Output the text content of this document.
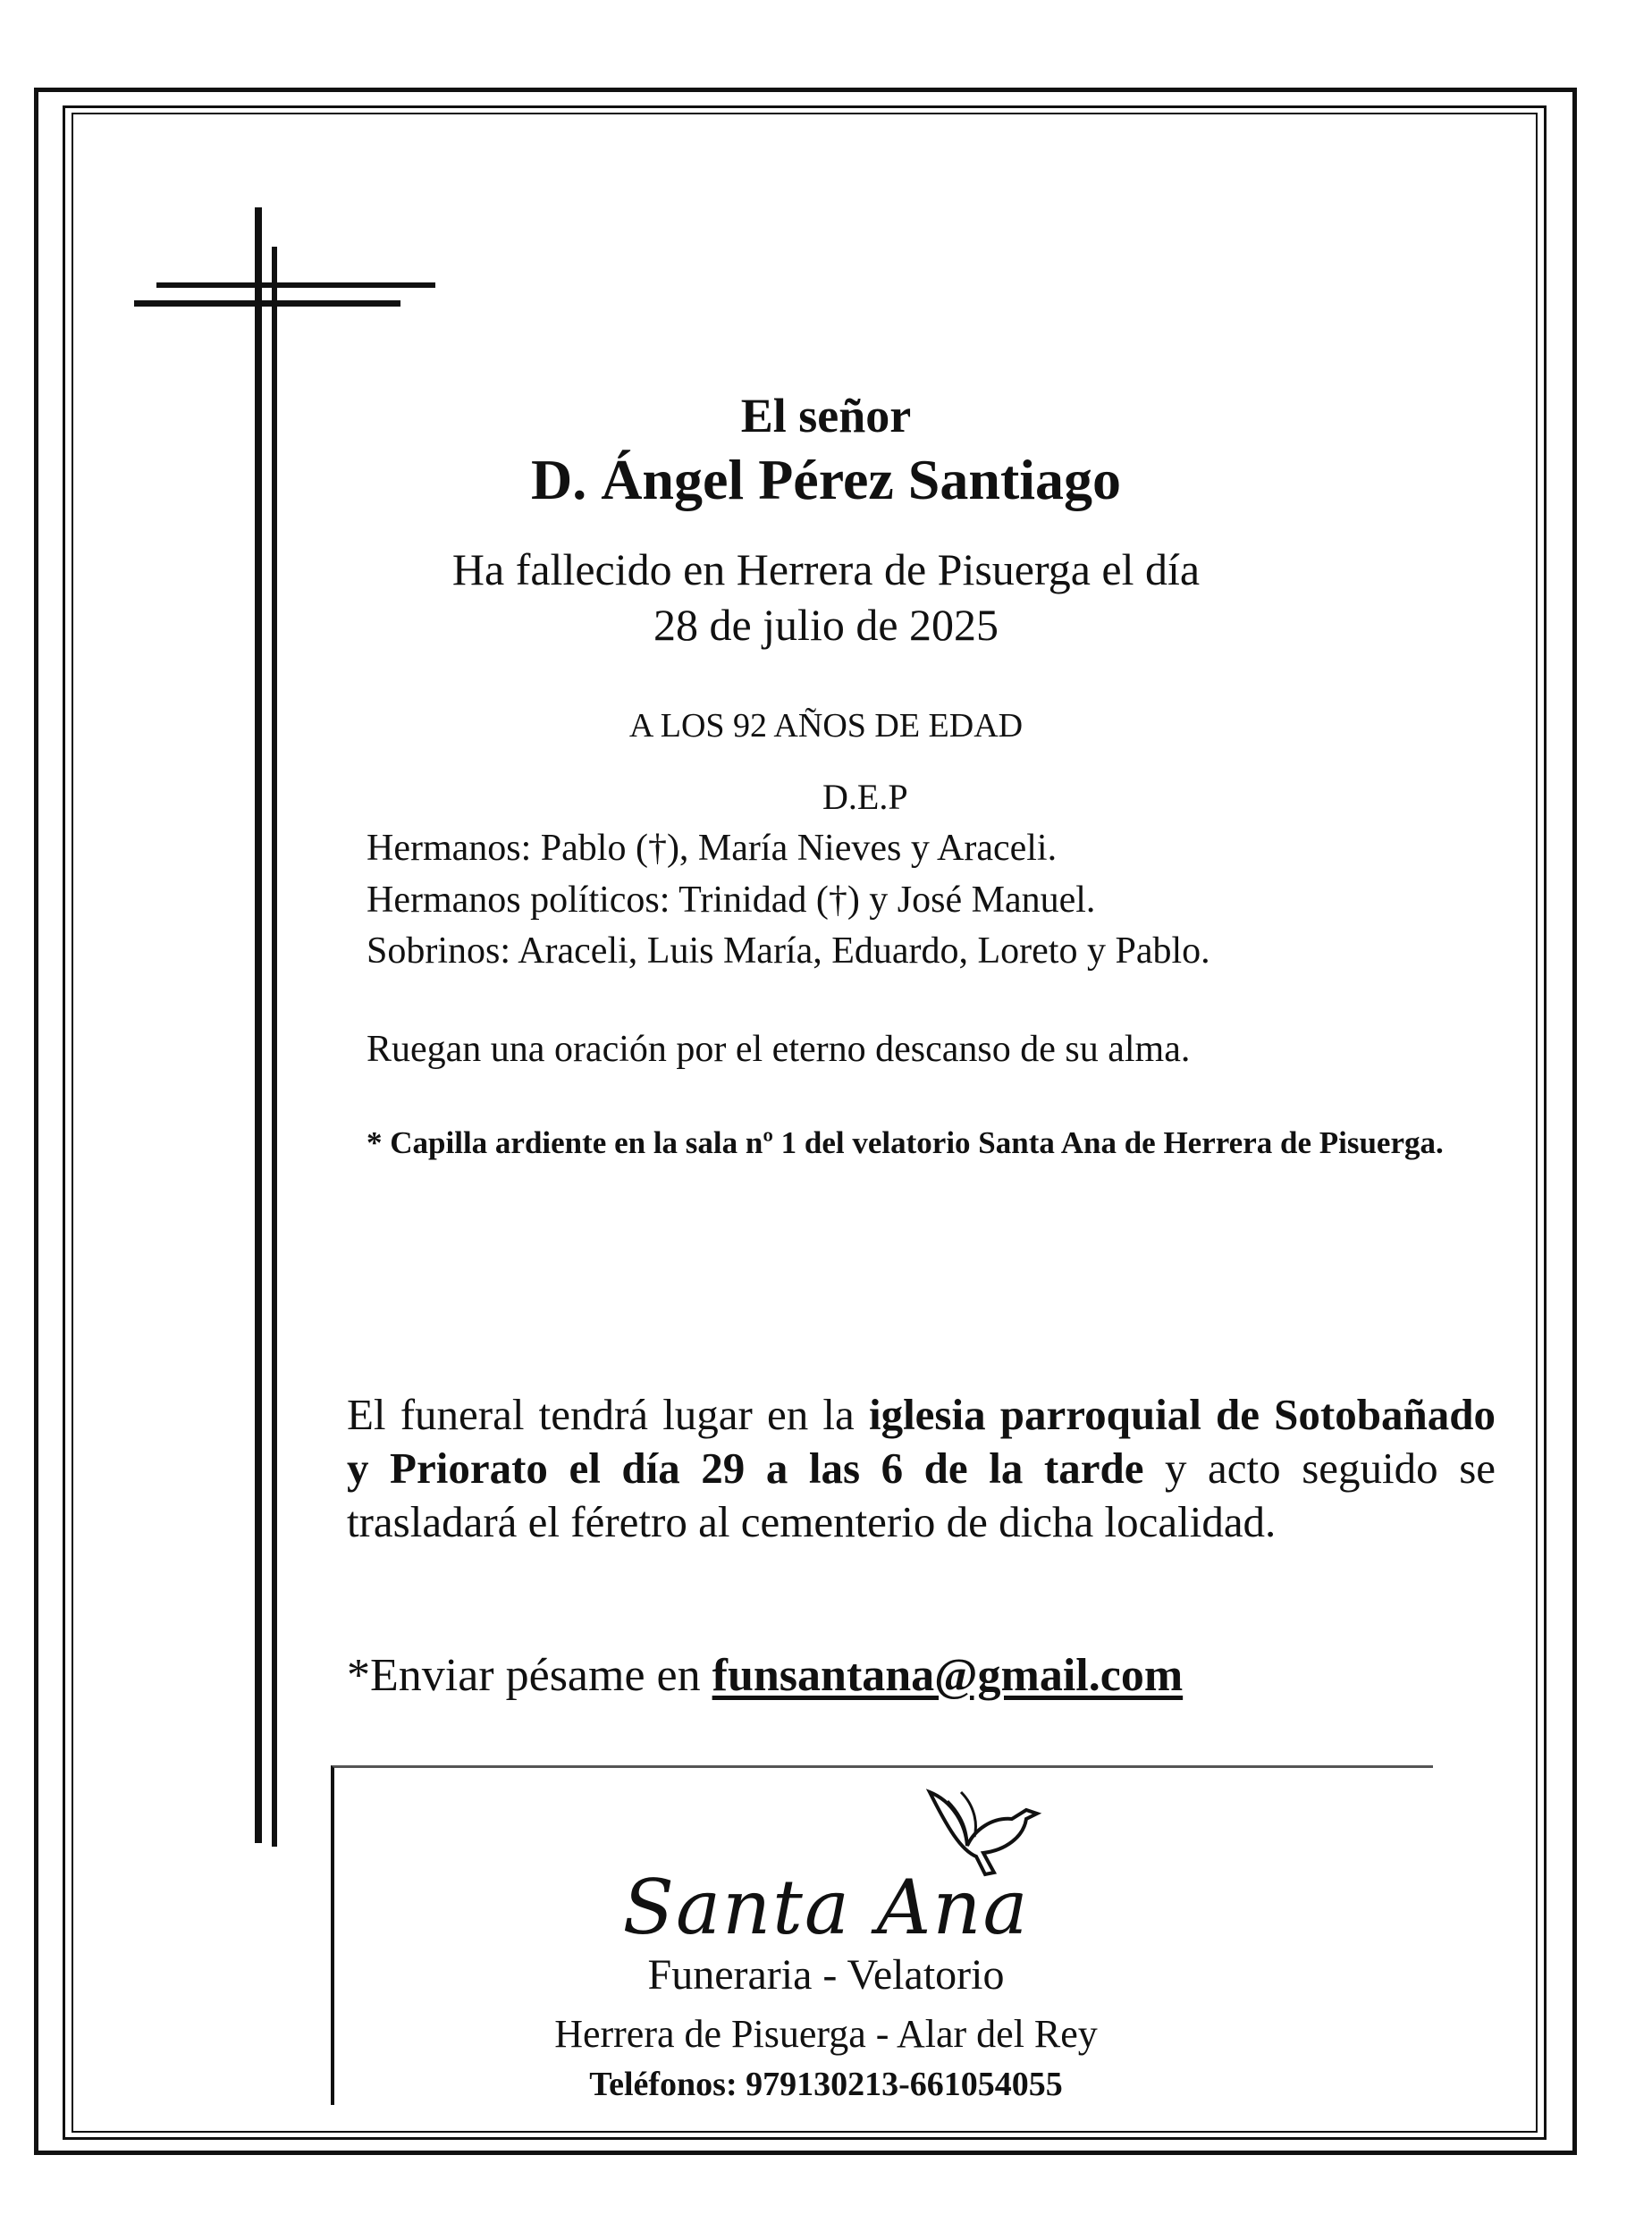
El señor
D. Ángel Pérez Santiago
Ha fallecido en Herrera de Pisuerga el día
28 de julio de 2025
A LOS 92 AÑOS DE EDAD
D.E.P
Hermanos: Pablo (†), María Nieves y Araceli.
Hermanos políticos: Trinidad (†) y José Manuel.
Sobrinos: Araceli, Luis María, Eduardo, Loreto y Pablo.
Ruegan una oración por el eterno descanso de su alma.
* Capilla ardiente en la sala nº 1 del velatorio Santa Ana de Herrera de Pisuerga.
El funeral tendrá lugar en la iglesia parroquial de Sotobañado y Priorato el día 29 a las 6 de la tarde y acto seguido se trasladará el féretro al cementerio de dicha localidad.
*Enviar pésame en funsantana@gmail.com
Santa Ana
Funeraria - Velatorio
Herrera de Pisuerga - Alar del Rey
Teléfonos: 979130213-661054055
